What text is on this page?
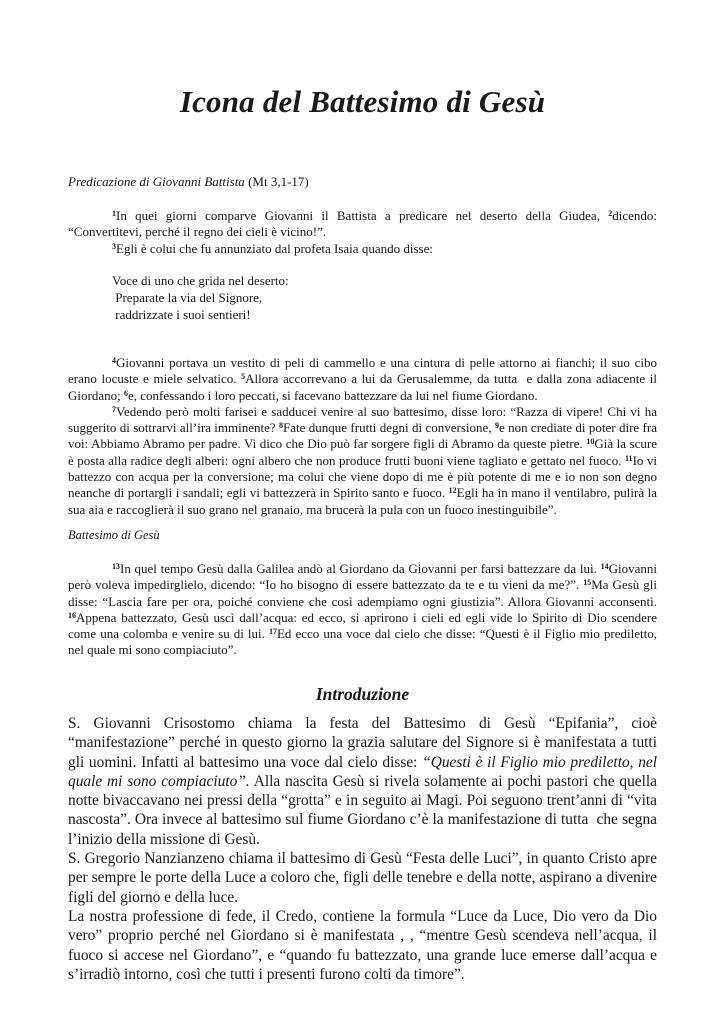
Icona del Battesimo di Gesù
Predicazione di Giovanni Battista (Mt 3,1-17)

$^1$In quei giorni comparve Giovanni il Battista a predicare nel deserto della Giudea, $^2$dicendo: “Convertitevi, perché il regno dei cieli è vicino!”.

$^3$Egli è colui che fu annunziato dal profeta Isaia quando disse:

Voce di uno che grida nel deserto:
Preparate la via del Signore,
raddrizzate i suoi sentieri!

$^4$Giovanni portava un vestito di peli di cammello e una cintura di pelle attorno ai fianchi; il suo cibo erano locuste e miele selvatico. $^5$Allora accorrevano a lui da Gerusalemme, da tutta  e dalla zona adiacente il Giordano; $^6$e, confessando i loro peccati, si facevano battezzare da lui nel fiume Giordano.

$^7$Vedendo però molti farisei e sadducei venire al suo battesimo, disse loro: “Razza di vipere! Chi vi ha suggerito di sottrarvi all’ira imminente? $^8$Fate dunque frutti degni di conversione, $^9$e non crediate di poter dire fra voi: Abbiamo Abramo per padre. Vi dico che Dio può far sorgere figli di Abramo da queste pietre. $^{10}$Già la scure è posta alla radice degli alberi: ogni albero che non produce frutti buoni viene tagliato e gettato nel fuoco. $^{11}$Io vi battezzo con acqua per la conversione; ma colui che viene dopo di me è più potente di me e io non son degno neanche di portargli i sandali; egli vi battezzerà in Spirito santo e fuoco. $^{12}$Egli ha in mano il ventilabro, pulirà la sua aia e raccoglierà il suo grano nel granaio, ma brucerà la pula con un fuoco inestinguibile”.

Battesimo di Gesù

$^{13}$In quel tempo Gesù dalla Galilea andò al Giordano da Giovanni per farsi battezzare da lui. $^{14}$Giovanni però voleva impedirglielo, dicendo: “Io ho bisogno di essere battezzato da te e tu vieni da me?”. $^{15}$Ma Gesù gli disse: “Lascia fare per ora, poiché conviene che così adempiamo ogni giustizia”. Allora Giovanni acconsentì. $^{16}$Appena battezzato, Gesù uscì dall’acqua: ed ecco, si aprirono i cieli ed egli vide lo Spirito di Dio scendere come una colomba e venire su di lui. $^{17}$Ed ecco una voce dal cielo che disse: “Questi è il Figlio mio prediletto, nel quale mi sono compiaciuto”.

Introduzione

S. Giovanni Crisostomo chiama la festa del Battesimo di Gesù “Epifania”, cioè “manifestazione” perché in questo giorno la grazia salutare del Signore si è manifestata a tutti gli uomini. Infatti al battesimo una voce dal cielo disse: “Questi è il Figlio mio prediletto, nel quale mi sono compiaciuto”. Alla nascita Gesù si rivela solamente ai pochi pastori che quella notte bivaccavano nei pressi della “grotta” e in seguito ai Magi. Poi seguono trent’anni di “vita nascosta”. Ora invece al battesimo sul fiume Giordano c’è la manifestazione di tutta  che segna l’inizio della missione di Gesù.

S. Gregorio Nanzianzeno chiama il battesimo di Gesù “Festa delle Luci”, in quanto Cristo apre per sempre le porte della Luce a coloro che, figli delle tenebre e della notte, aspirano a divenire figli del giorno e della luce.

La nostra professione di fede, il Credo, contiene la formula “Luce da Luce, Dio vero da Dio vero” proprio perché nel Giordano si è manifestata , , “mentre Gesù scendeva nell’acqua, il fuoco si accese nel Giordano”, e “quando fu battezzato, una grande luce emerse dall’acqua e s’irradiò intorno, così che tutti i presenti furono colti da timore”.
